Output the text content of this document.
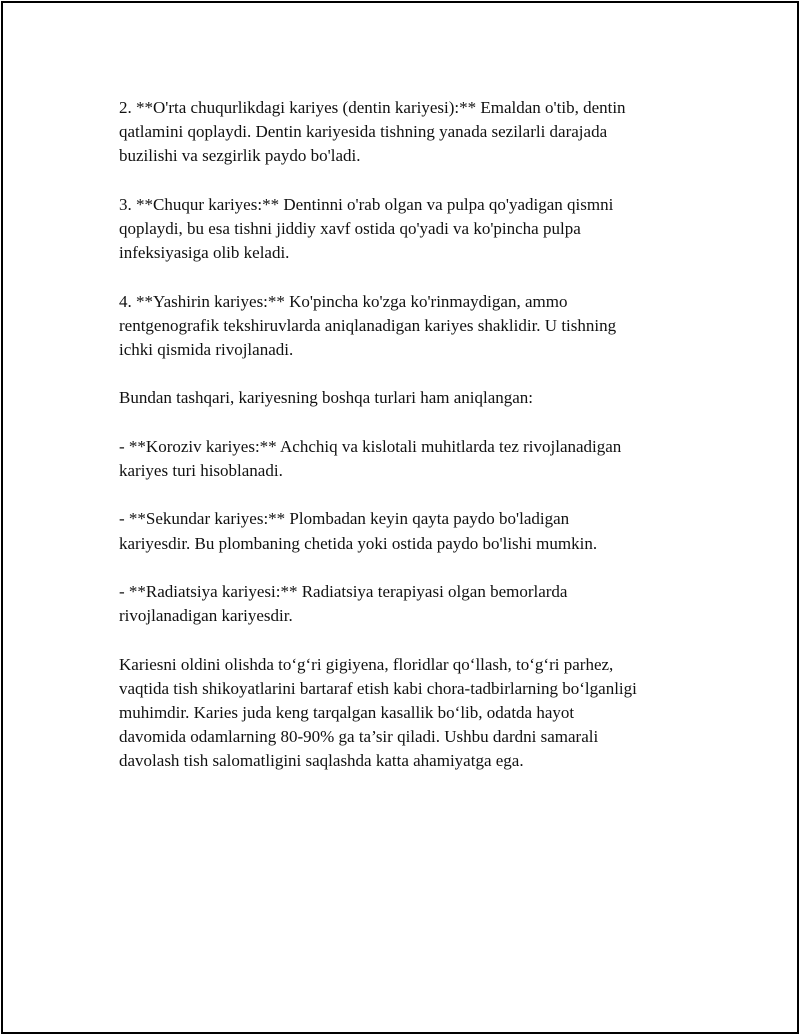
2. **O'rta chuqurlikdagi kariyes (dentin kariyesi):** Emaldan o'tib, dentin
qatlamini qoplaydi. Dentin kariyesida tishning yanada sezilarli darajada
buzilishi va sezgirlik paydo bo'ladi.

3. **Chuqur kariyes:** Dentinni o'rab olgan va pulpa qo'yadigan qismni
qoplaydi, bu esa tishni jiddiy xavf ostida qo'yadi va ko'pincha pulpa
infeksiyasiga olib keladi.

4. **Yashirin kariyes:** Ko'pincha ko'zga ko'rinmaydigan, ammo
rentgenografik tekshiruvlarda aniqlanadigan kariyes shaklidir. U tishning
ichki qismida rivojlanadi.

Bundan tashqari, kariyesning boshqa turlari ham aniqlangan:

- **Koroziv kariyes:** Achchiq va kislotali muhitlarda tez rivojlanadigan
kariyes turi hisoblanadi.

- **Sekundar kariyes:** Plombadan keyin qayta paydo bo'ladigan
kariyesdir. Bu plombaning chetida yoki ostida paydo bo'lishi mumkin.

- **Radiatsiya kariyesi:** Radiatsiya terapiyasi olgan bemorlarda
rivojlanadigan kariyesdir.

Kariesni oldini olishda to‘g‘ri gigiyena, floridlar qo‘llash, to‘g‘ri parhez,
vaqtida tish shikoyatlarini bartaraf etish kabi chora-tadbirlarning bo‘lganligi
muhimdir. Karies juda keng tarqalgan kasallik bo‘lib, odatda hayot
davomida odamlarning 80-90% ga ta’sir qiladi. Ushbu dardni samarali
davolash tish salomatligini saqlashda katta ahamiyatga ega.
